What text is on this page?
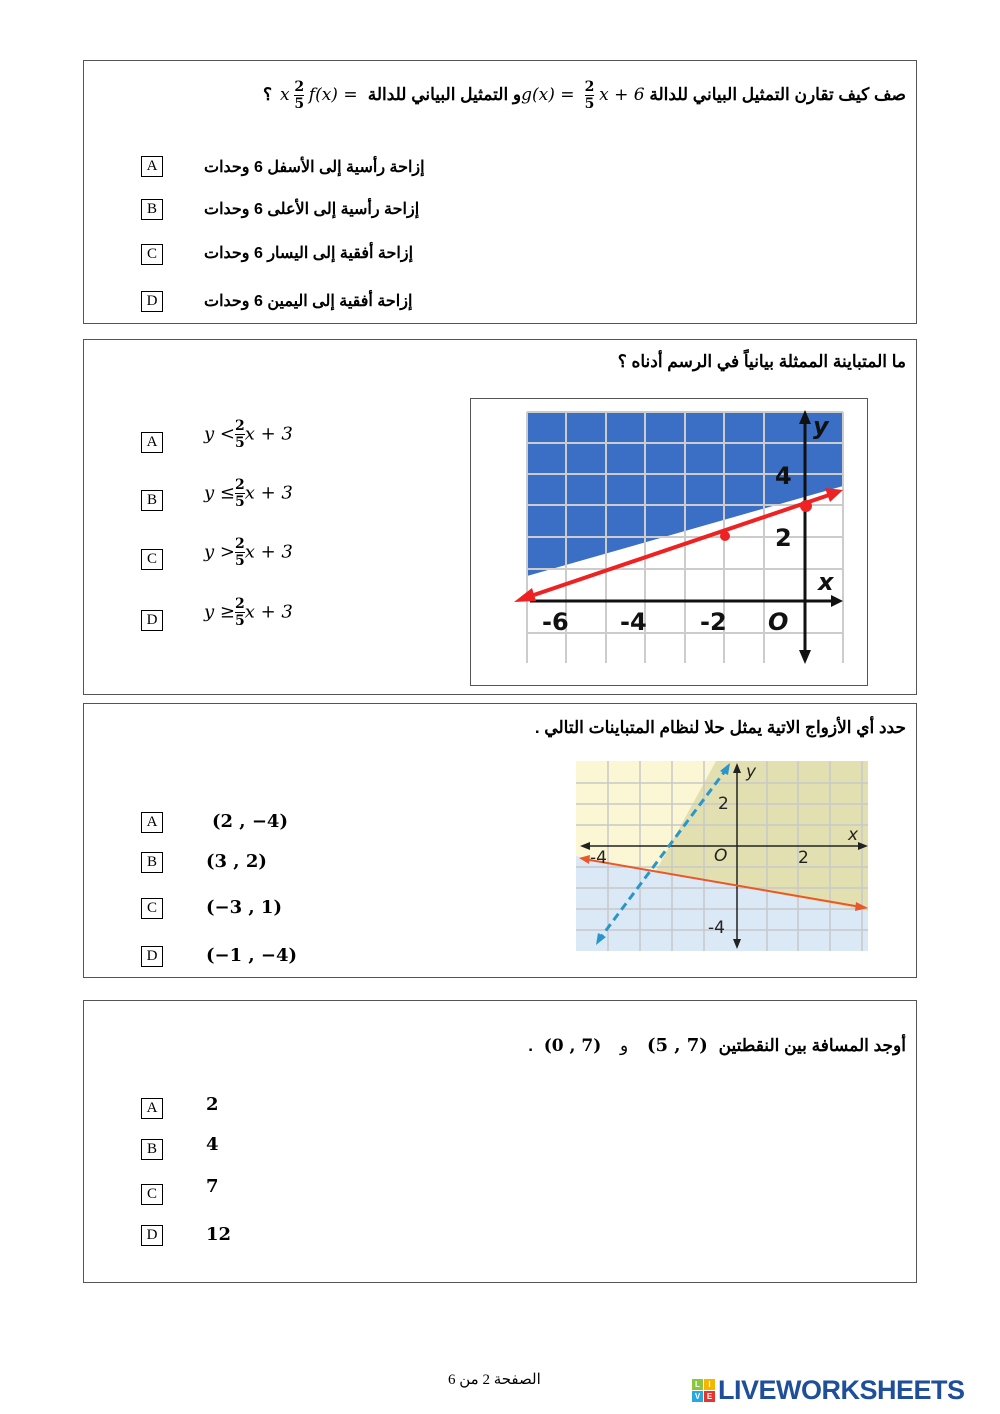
صف كيف تقارن التمثيل البياني للدالة x + 6
$\frac{2}{5}$
g(x) = و التمثيل البياني للدالة x $\frac{2}{5} f(x)$ = ؟
A	إزاحة رأسية إلى الأسفل 6 وحدات
B	إزاحة رأسية إلى الأعلى 6 وحدات
C	إزاحة أفقية إلى اليسار 6 وحدات
D	إزاحة أفقية إلى اليمين 6 وحدات
ما المتباينة الممثلة بيانياً في الرسم أدناه ؟
A	$y < \frac{2}{5}$ x + 3
B	$y \le \frac{2}{5}$ x + 3
C	$y > \frac{2}{5}$ x + 3
D	$y \ge \frac{2}{5}$ x + 3
y
x
-6 -4 -2 O
2
4
حدد أي الأزواج الاتية يمثل حلا لنظام المتباينات التالي .
A	(2 , −4)
B	(3 , 2)
C	(−3 , 1)
D	(−1 , −4)
y
x
-4	2
O
2
-4
أوجد المسافة بين النقطتين (5 , 7) و (0 , 7) .
A	2
B	4
C	7
D	12
الصفحة 2 من 6	L	I
V E LIVEWORKSHEETS
